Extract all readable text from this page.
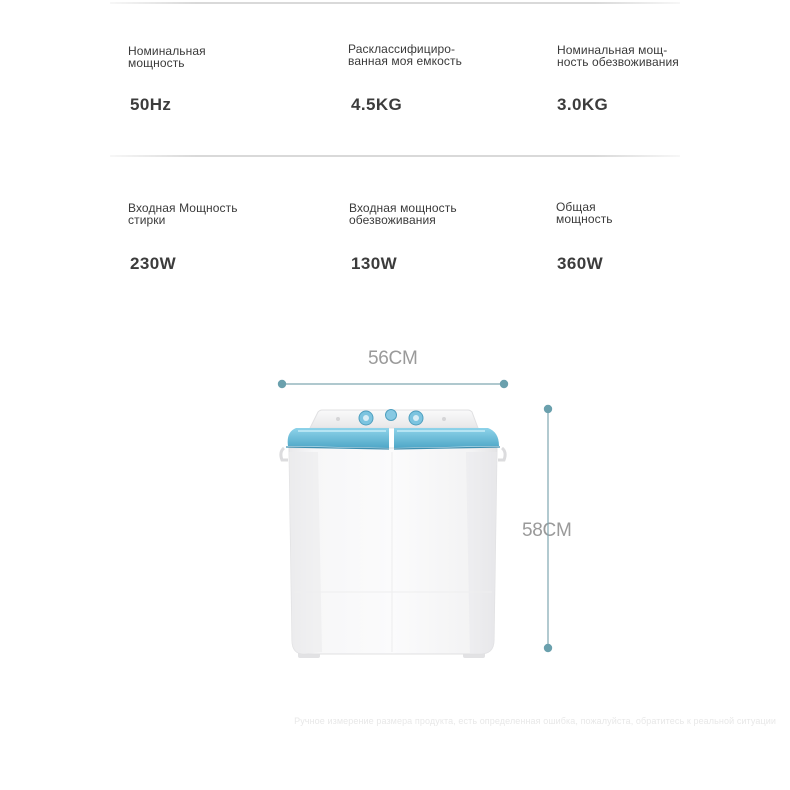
Номинальная
мощность
50Hz
Расклассифициро-
ванная моя емкость
4.5KG
Номинальная мощ-
ность обезвоживания
3.0KG
Входная Мощность
стирки
230W
Входная мощность
обезвоживания
130W
Общая
мощность
360W
56CM
58CM
Ручное измерение размера продукта, есть определенная ошибка, пожалуйста, обратитесь к реальной ситуации
